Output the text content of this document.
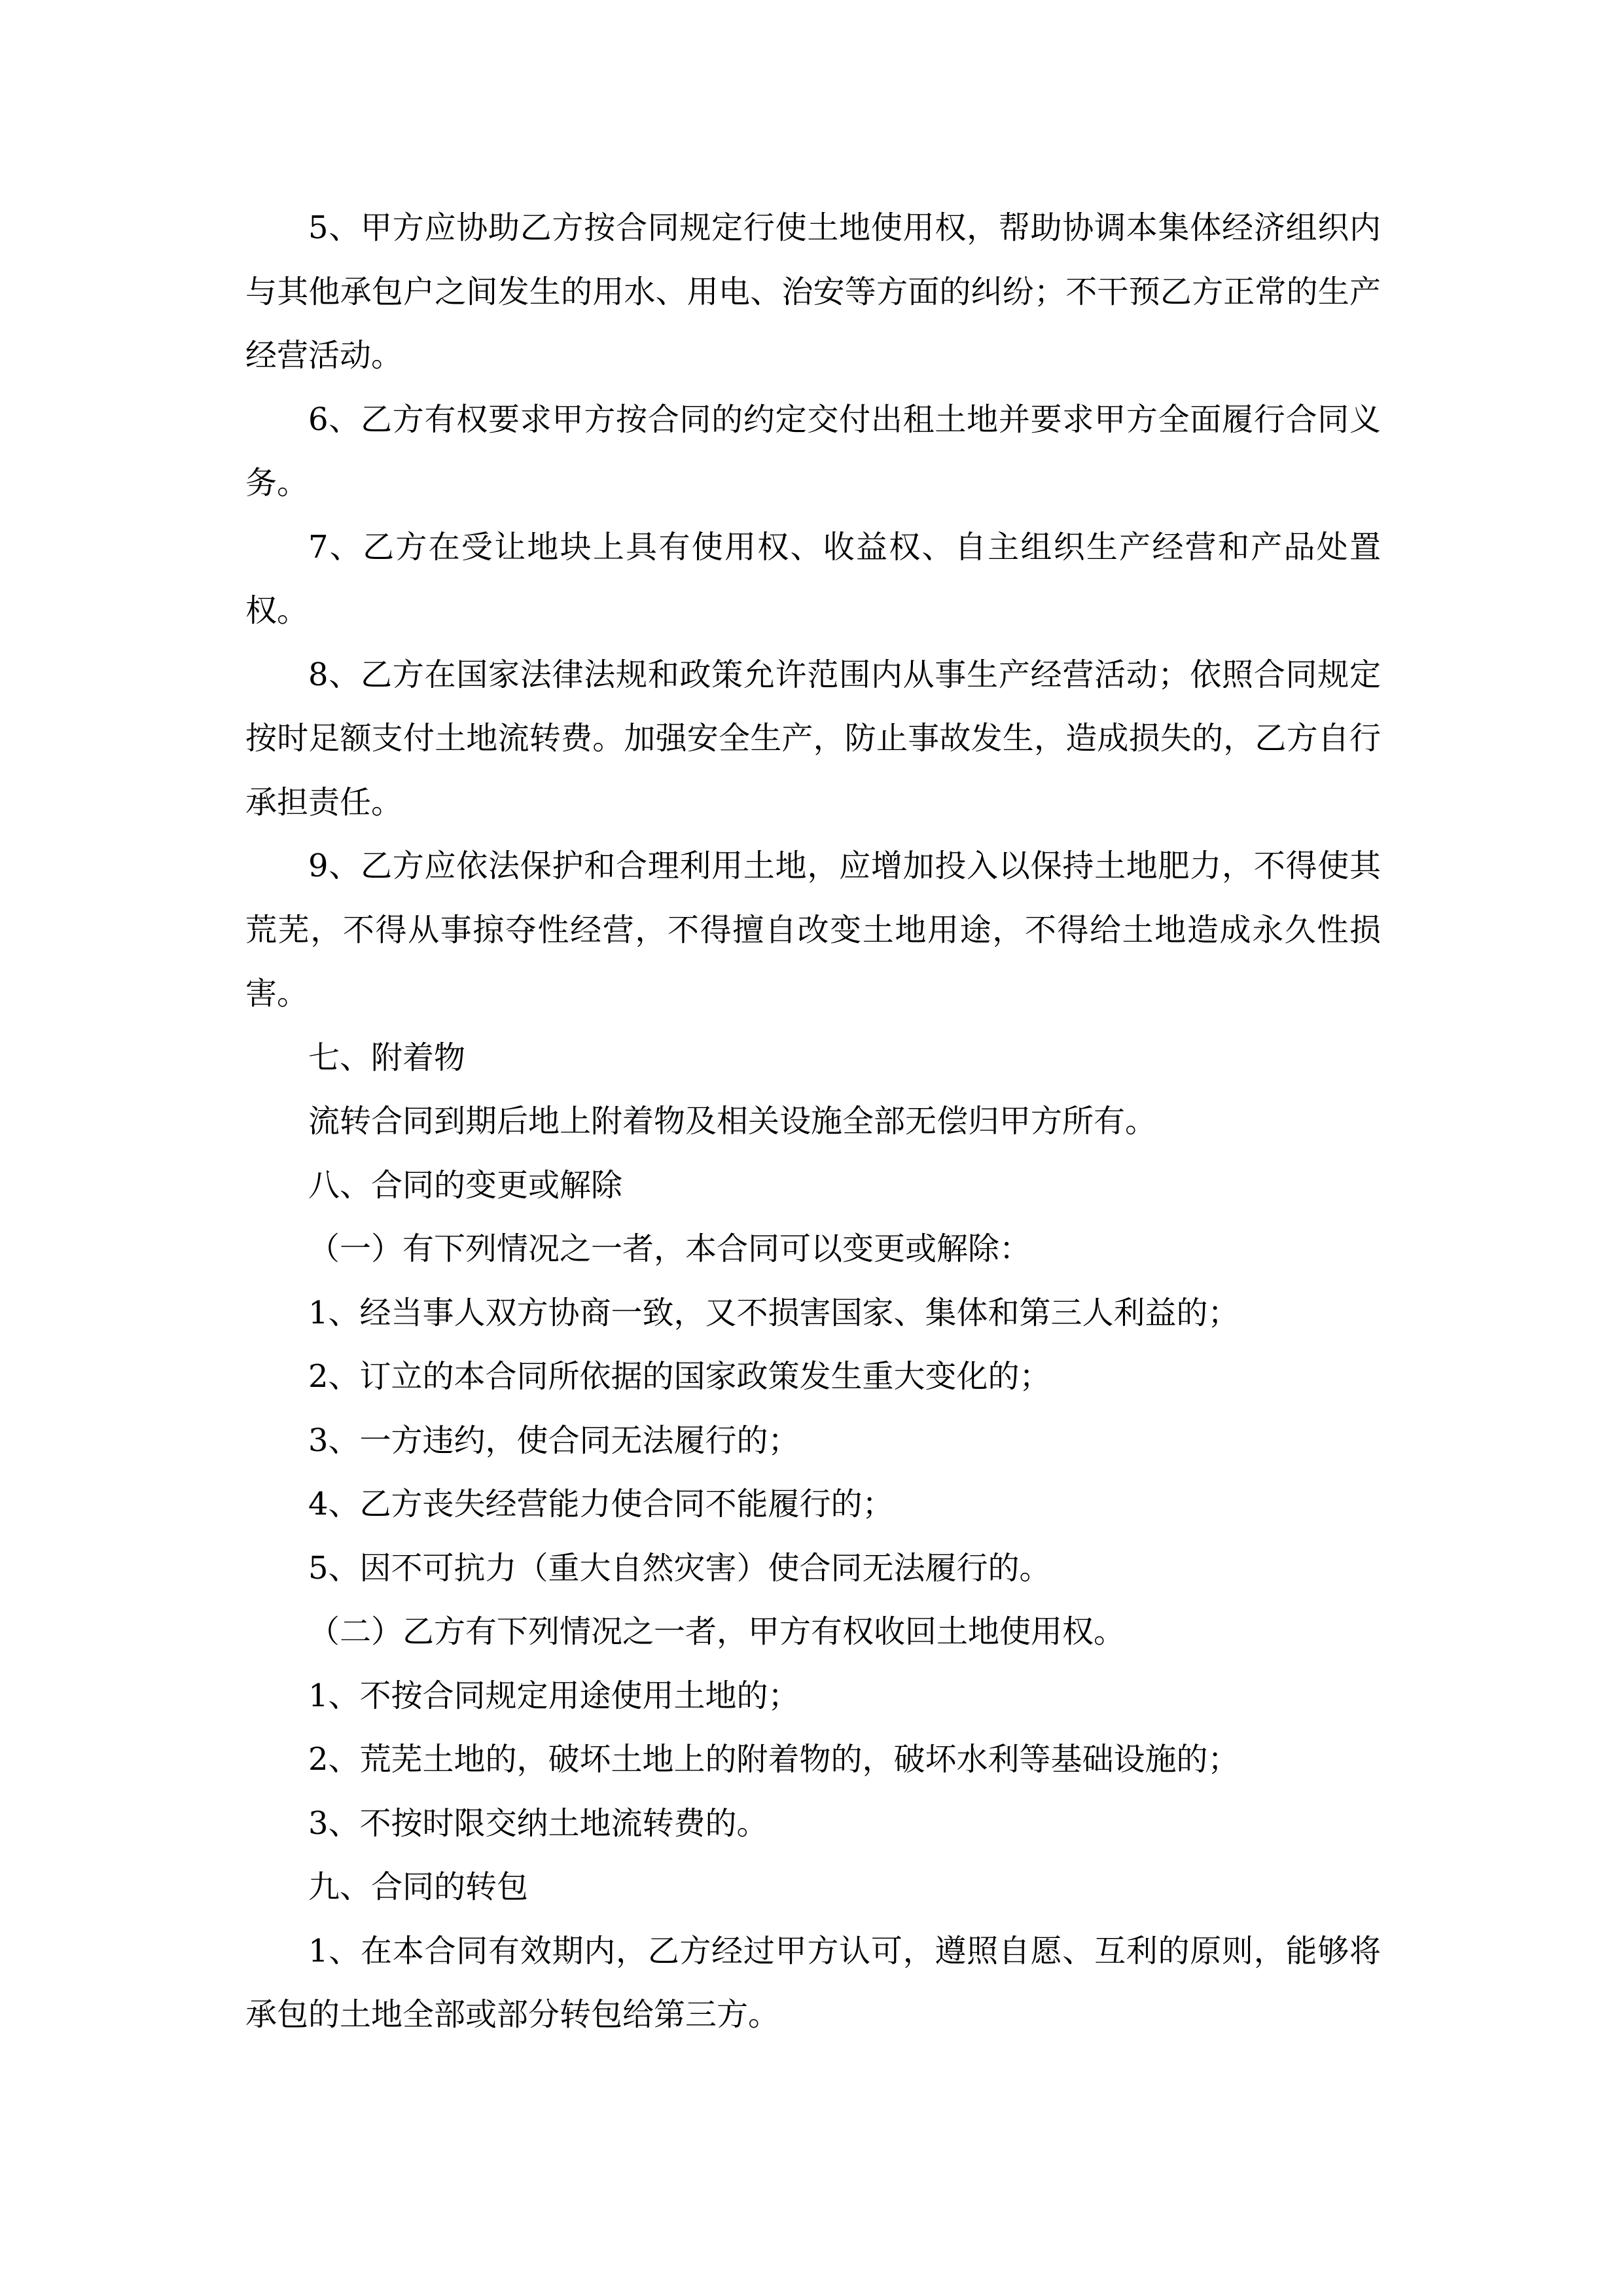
5、甲方应协助乙方按合同规定行使土地使用权，帮助协调本集体经济组织内与其他承包户之间发生的用水、用电、治安等方面的纠纷；不干预乙方正常的生产经营活动。

6、乙方有权要求甲方按合同的约定交付出租土地并要求甲方全面履行合同义务。

7、乙方在受让地块上具有使用权、收益权、自主组织生产经营和产品处置权。

8、乙方在国家法律法规和政策允许范围内从事生产经营活动；依照合同规定按时足额支付土地流转费。加强安全生产，防止事故发生，造成损失的，乙方自行承担责任。

9、乙方应依法保护和合理利用土地，应增加投入以保持土地肥力，不得使其荒芜，不得从事掠夺性经营，不得擅自改变土地用途，不得给土地造成永久性损害。

七、附着物

流转合同到期后地上附着物及相关设施全部无偿归甲方所有。

八、合同的变更或解除

（一）有下列情况之一者，本合同可以变更或解除：

1、经当事人双方协商一致，又不损害国家、集体和第三人利益的；

2、订立的本合同所依据的国家政策发生重大变化的；

3、一方违约，使合同无法履行的；

4、乙方丧失经营能力使合同不能履行的；

5、因不可抗力（重大自然灾害）使合同无法履行的。

（二）乙方有下列情况之一者，甲方有权收回土地使用权。

1、不按合同规定用途使用土地的；

2、荒芜土地的，破坏土地上的附着物的，破坏水利等基础设施的；

3、不按时限交纳土地流转费的。

九、合同的转包

1、在本合同有效期内，乙方经过甲方认可，遵照自愿、互利的原则，能够将承包的土地全部或部分转包给第三方。
